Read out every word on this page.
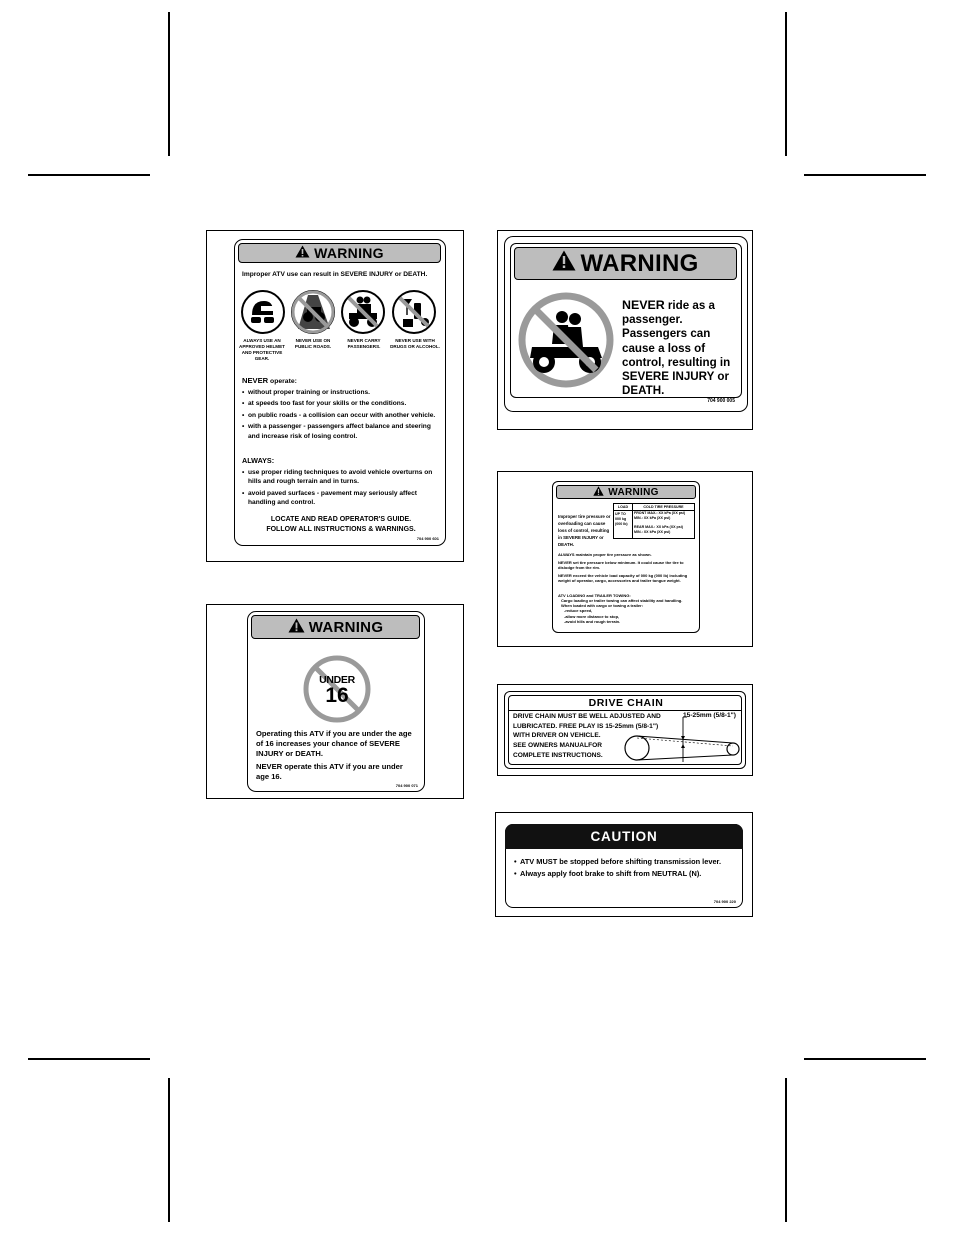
WARNING
Improper ATV use can result in SEVERE INJURY or DEATH.
ALWAYS USE AN APPROVED HELMET AND PROTECTIVE GEAR.
NEVER USE ON PUBLIC ROADS.
NEVER CARRY PASSENGERS.
NEVER USE WITH DRUGS OR ALCOHOL.
NEVER operate:
• without proper training or instructions.
• at speeds too fast for your skills or the conditions.
• on public roads - a collision can occur with another vehicle.
• with a passenger - passengers affect balance and steering and increase risk of losing control.
ALWAYS:
• use proper riding techniques to avoid vehicle overturns on hills and rough terrain and in turns.
• avoid paved surfaces - pavement may seriously affect handling and control.
LOCATE AND READ OPERATOR'S GUIDE.
FOLLOW ALL INSTRUCTIONS & WARNINGS.
704 900 601
WARNING
NEVER ride as a passenger. Passengers can cause a loss of control, resulting in SEVERE INJURY or DEATH.
704 900 005
WARNING
UNDER
16
Operating this ATV if you are under the age of 16 increases your chance of SEVERE INJURY or DEATH.
NEVER operate this ATV if you are under age 16.
704 900 071
WARNING
Improper tire pressure or overloading can cause loss of control, resulting in SEVERE INJURY or DEATH.
LOAD	COLD TIRE PRESSURE
UP TO 000 kg (000 lb)
FRONT MAX.: XX kPa (XX psi) MIN.: XX kPa (XX psi)
REAR MAX.: XX kPa (XX psi) MIN.: XX kPa (XX psi)
ALWAYS maintain proper tire pressure as shown.
NEVER set tire pressure below minimum. It could cause the tire to dislodge from the rim.
NEVER exceed the vehicle load capacity of 000 kg (000 lb) including weight of operator, cargo, accessories and trailer tongue weight.
ATV LOADING and TRAILER TOWING:
Cargo loading or trailer towing can affect stability and handling.
When loaded with cargo or towing a trailer:
-reduce speed,
-allow more distance to stop,
-avoid hills and rough terrain.
DRIVE CHAIN
DRIVE CHAIN MUST BE WELL ADJUSTED AND
LUBRICATED. FREE PLAY IS 15-25mm (5/8-1")
WITH DRIVER ON VEHICLE.
SEE OWNERS MANUALFOR
COMPLETE INSTRUCTIONS.
15-25mm (5/8-1")
CAUTION
• ATV MUST be stopped before shifting transmission lever.
• Always apply foot brake to shift from NEUTRAL (N).
704 900 220
